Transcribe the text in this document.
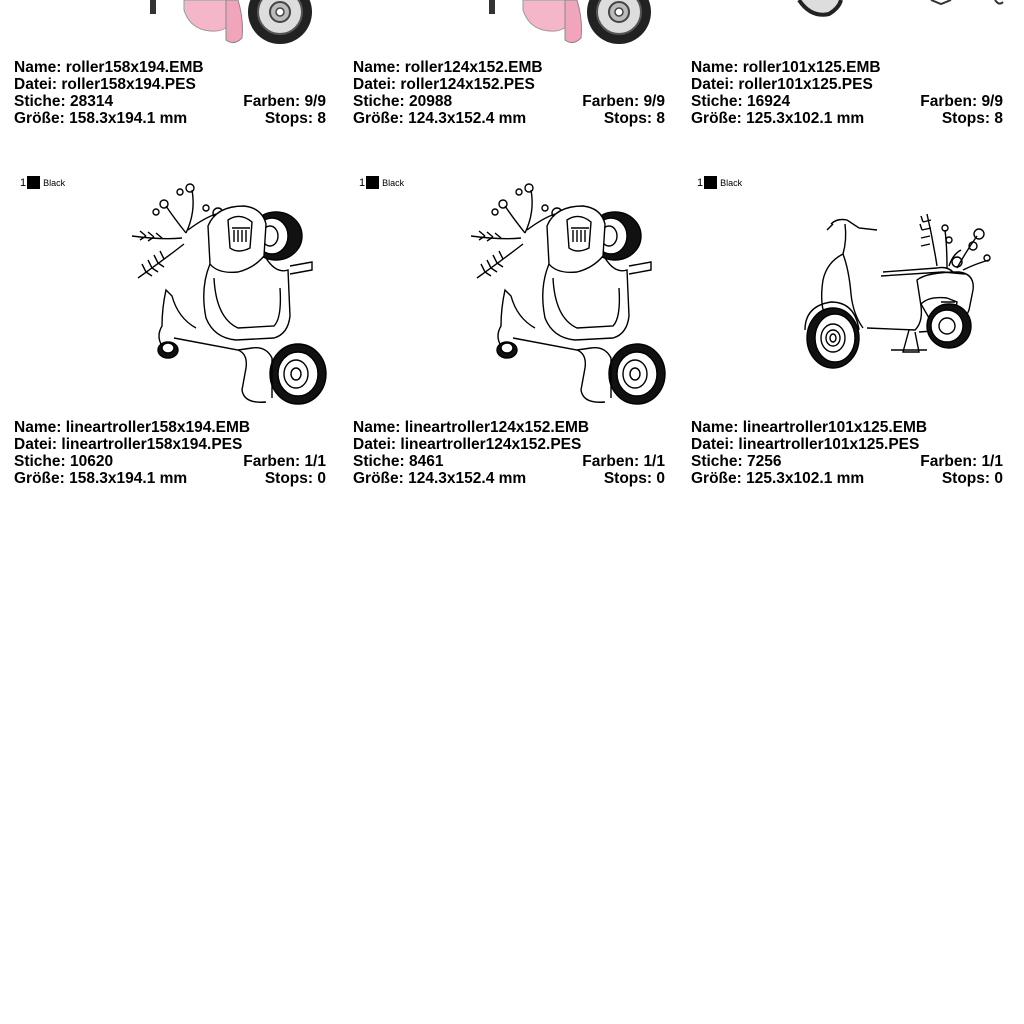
Name: roller158x194.EMB
Datei: roller158x194.PES
Stiche: 28314	Farben: 9/9
Größe: 158.3x194.1 mm	Stops: 8
Name: roller124x152.EMB
Datei: roller124x152.PES
Stiche: 20988	Farben: 9/9
Größe: 124.3x152.4 mm	Stops: 8
Name: roller101x125.EMB
Datei: roller101x125.PES
Stiche: 16924	Farben: 9/9
Größe: 125.3x102.1 mm	Stops: 8
1 Black
Name: lineartroller158x194.EMB
Datei: lineartroller158x194.PES
Stiche: 10620	Farben: 1/1
Größe: 158.3x194.1 mm	Stops: 0
1 Black
Name: lineartroller124x152.EMB
Datei: lineartroller124x152.PES
Stiche: 8461	Farben: 1/1
Größe: 124.3x152.4 mm	Stops: 0
1 Black
Name: lineartroller101x125.EMB
Datei: lineartroller101x125.PES
Stiche: 7256	Farben: 1/1
Größe: 125.3x102.1 mm	Stops: 0
